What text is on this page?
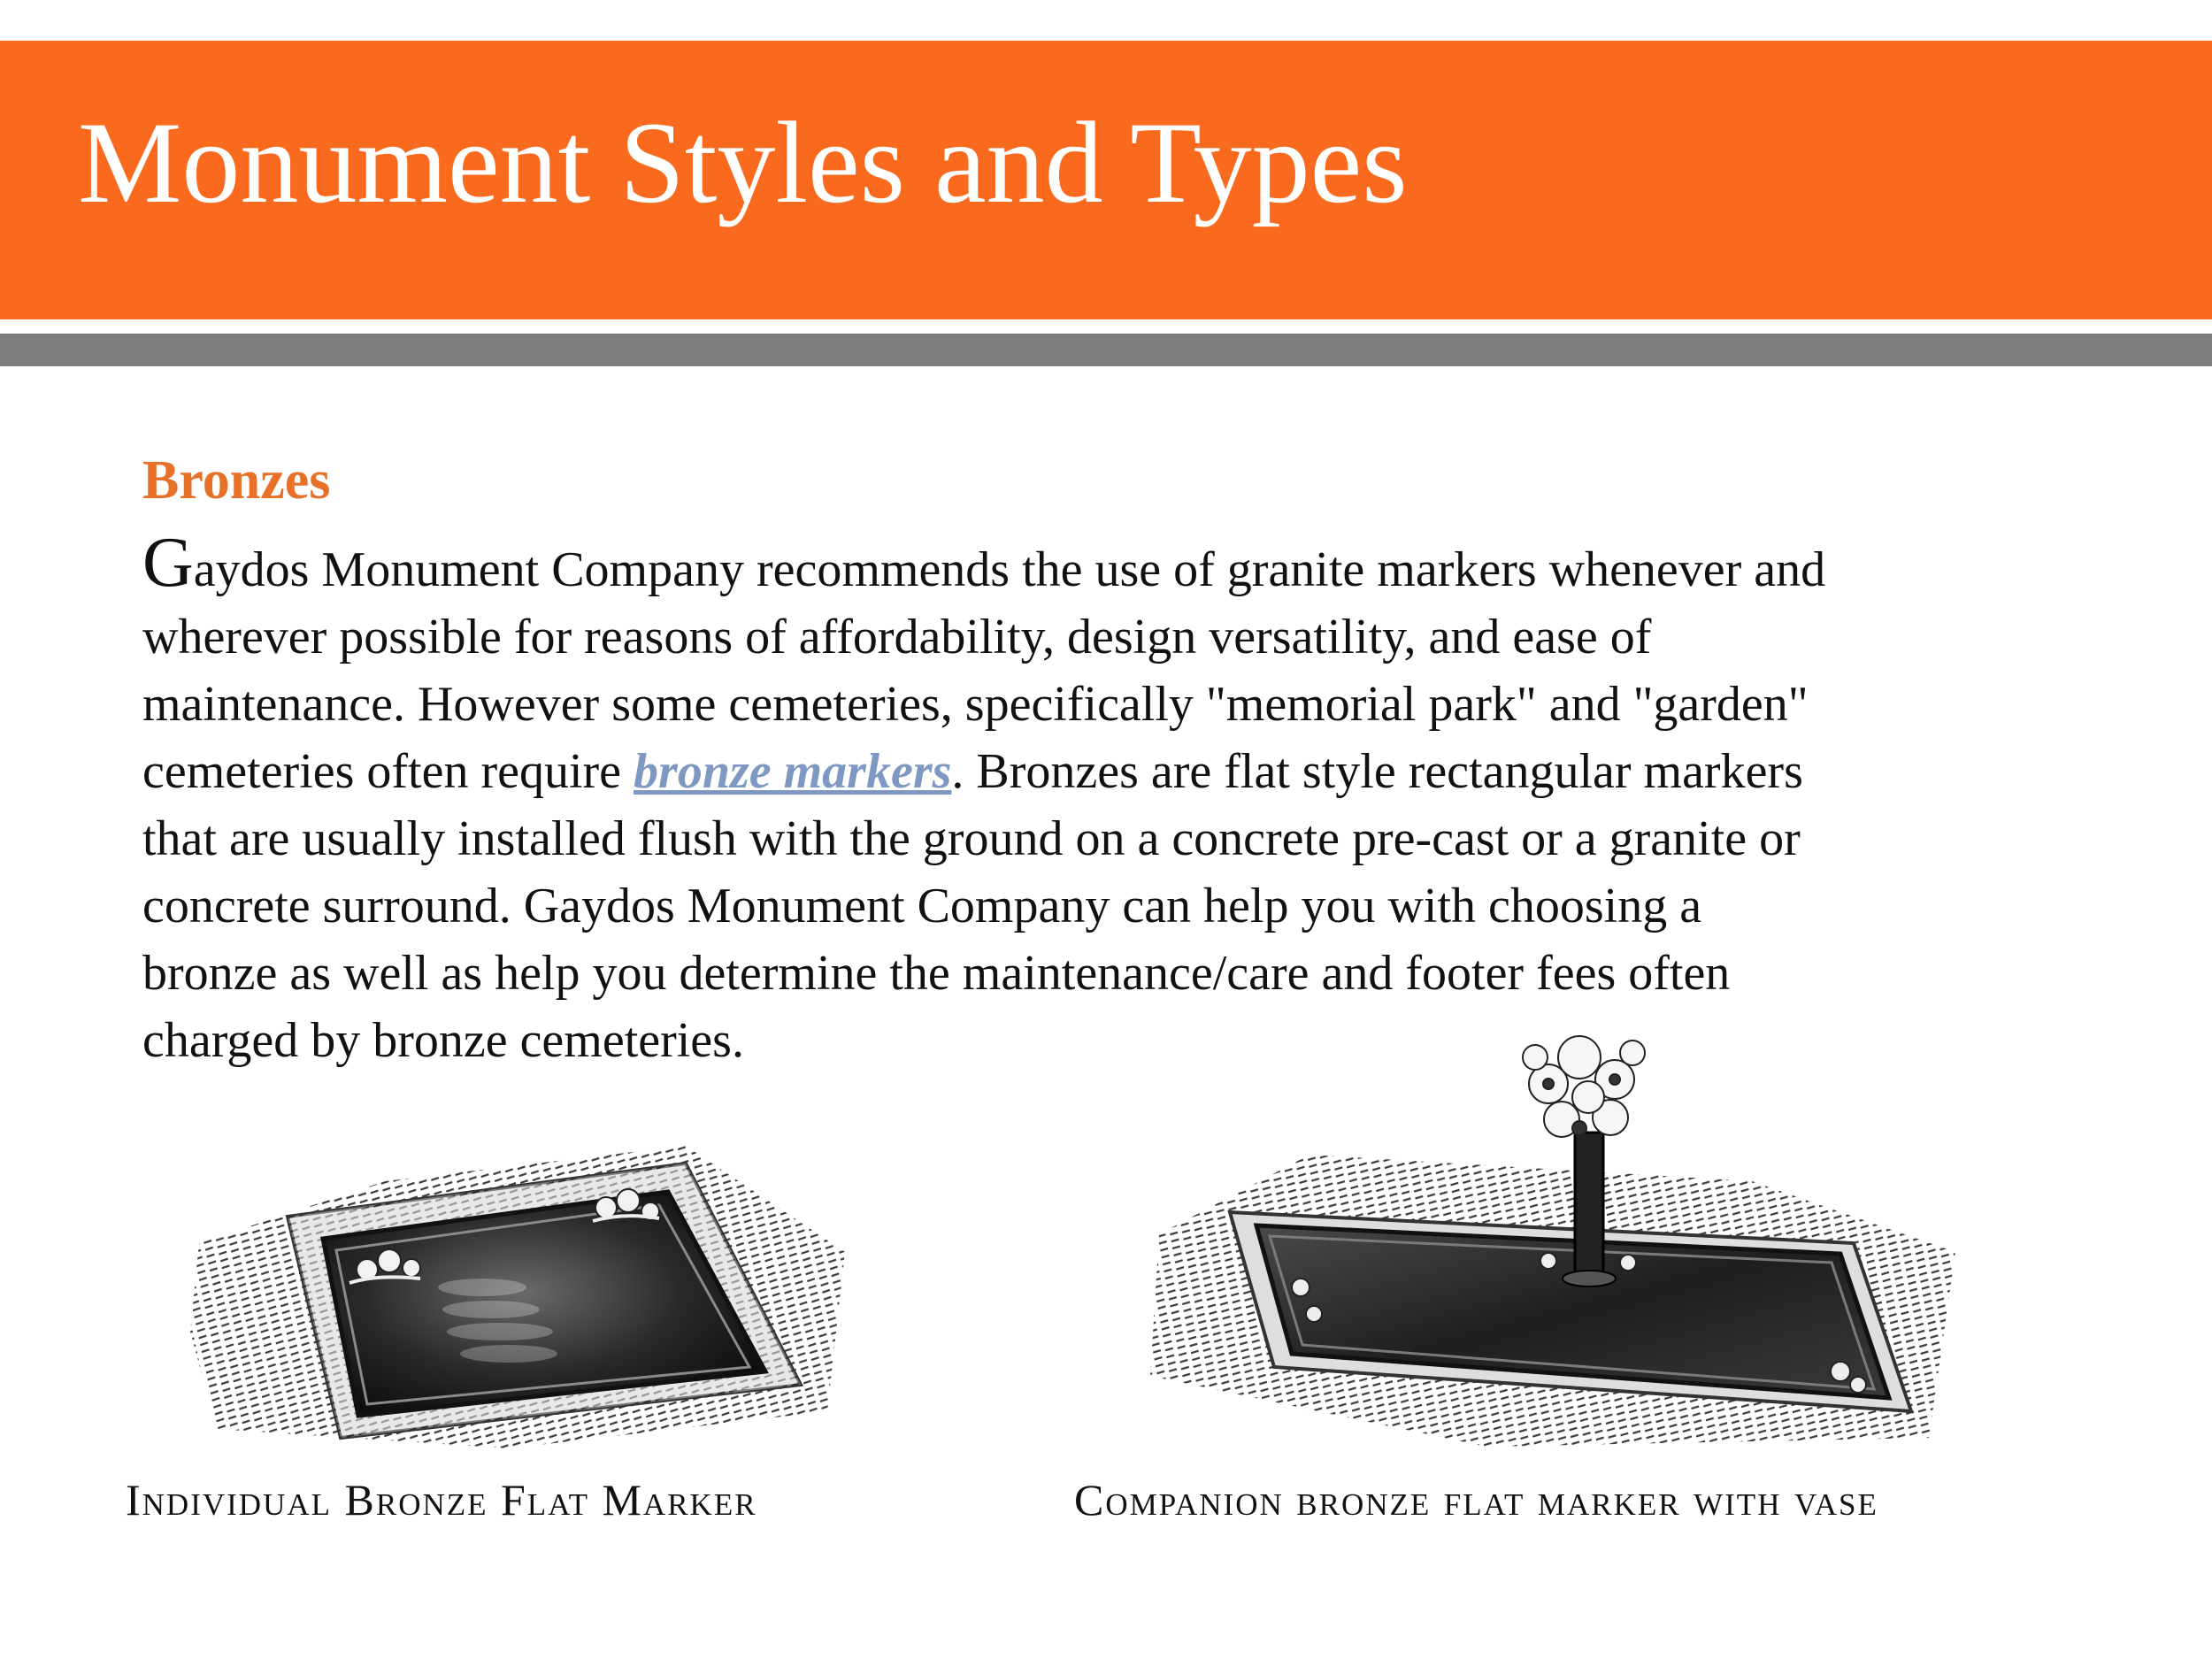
Monument Styles and Types
Bronzes

Gaydos Monument Company recommends the use of granite markers whenever and
wherever possible for reasons of affordability, design versatility, and ease of
maintenance. However some cemeteries, specifically "memorial park" and "garden"
cemeteries often require bronze markers. Bronzes are flat style rectangular markers
that are usually installed flush with the ground on a concrete pre-cast or a granite or
concrete surround. Gaydos Monument Company can help you with choosing a
bronze as well as help you determine the maintenance/care and footer fees often
charged by bronze cemeteries.

Individual Bronze Flat Marker	Companion bronze flat marker with vase
